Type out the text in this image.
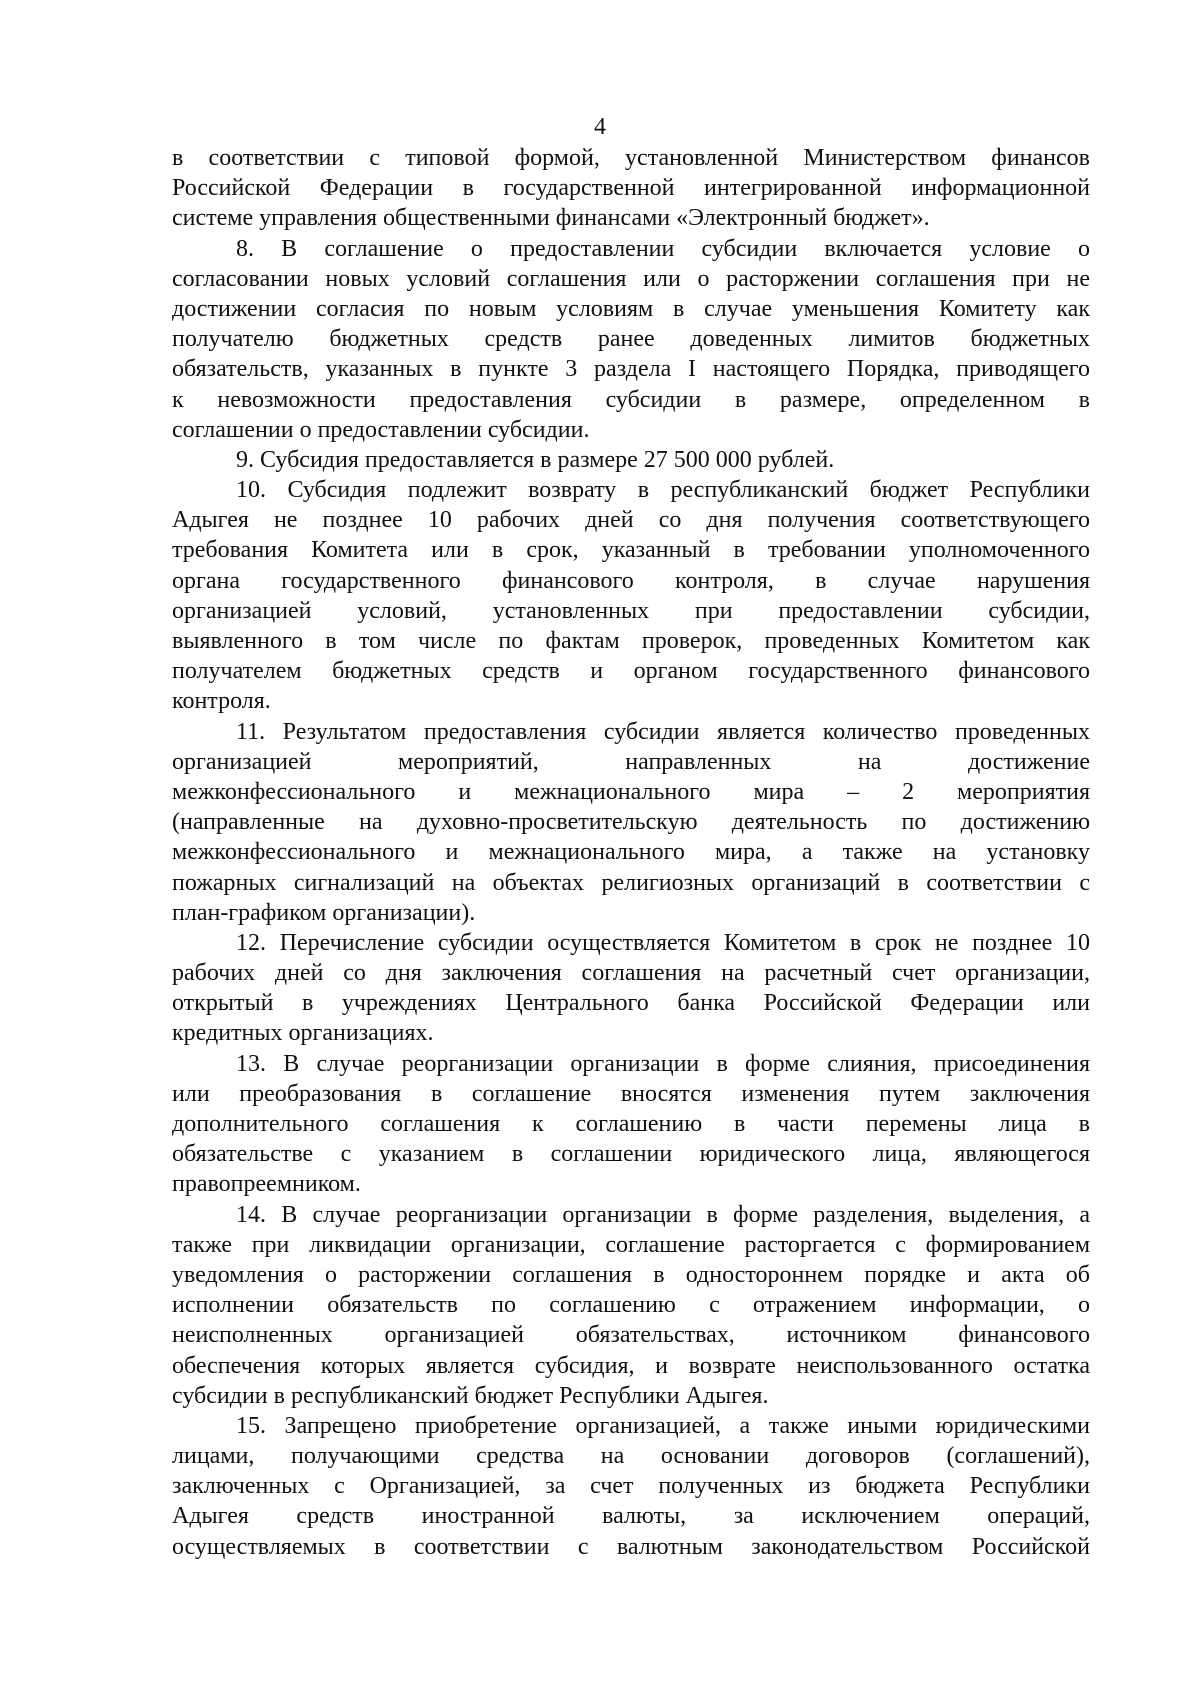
4
в соответствии с типовой формой, установленной Министерством финансов
Российской Федерации в государственной интегрированной информационной
системе управления общественными финансами «Электронный бюджет».
8. В соглашение о предоставлении субсидии включается условие о
согласовании новых условий соглашения или о расторжении соглашения при не
достижении согласия по новым условиям в случае уменьшения Комитету как
получателю бюджетных средств ранее доведенных лимитов бюджетных
обязательств, указанных в пункте 3 раздела I настоящего Порядка, приводящего
к невозможности предоставления субсидии в размере, определенном в
соглашении о предоставлении субсидии.
9. Субсидия предоставляется в размере 27 500 000 рублей.
10. Субсидия подлежит возврату в республиканский бюджет Республики
Адыгея не позднее 10 рабочих дней со дня получения соответствующего
требования Комитета или в срок, указанный в требовании уполномоченного
органа государственного финансового контроля, в случае нарушения
организацией условий, установленных при предоставлении субсидии,
выявленного в том числе по фактам проверок, проведенных Комитетом как
получателем бюджетных средств и органом государственного финансового
контроля.
11. Результатом предоставления субсидии является количество проведенных
организацией мероприятий, направленных на достижение
межконфессионального и межнационального мира – 2 мероприятия
(направленные на духовно-просветительскую деятельность по достижению
межконфессионального и межнационального мира, а также на установку
пожарных сигнализаций на объектах религиозных организаций в соответствии с
план-графиком организации).
12. Перечисление субсидии осуществляется Комитетом в срок не позднее 10
рабочих дней со дня заключения соглашения на расчетный счет организации,
открытый в учреждениях Центрального банка Российской Федерации или
кредитных организациях.
13. В случае реорганизации организации в форме слияния, присоединения
или преобразования в соглашение вносятся изменения путем заключения
дополнительного соглашения к соглашению в части перемены лица в
обязательстве с указанием в соглашении юридического лица, являющегося
правопреемником.
14. В случае реорганизации организации в форме разделения, выделения, а
также при ликвидации организации, соглашение расторгается с формированием
уведомления о расторжении соглашения в одностороннем порядке и акта об
исполнении обязательств по соглашению с отражением информации, о
неисполненных организацией обязательствах, источником финансового
обеспечения которых является субсидия, и возврате неиспользованного остатка
субсидии в республиканский бюджет Республики Адыгея.
15. Запрещено приобретение организацией, а также иными юридическими
лицами, получающими средства на основании договоров (соглашений),
заключенных с Организацией, за счет полученных из бюджета Республики
Адыгея средств иностранной валюты, за исключением операций,
осуществляемых в соответствии с валютным законодательством Российской
